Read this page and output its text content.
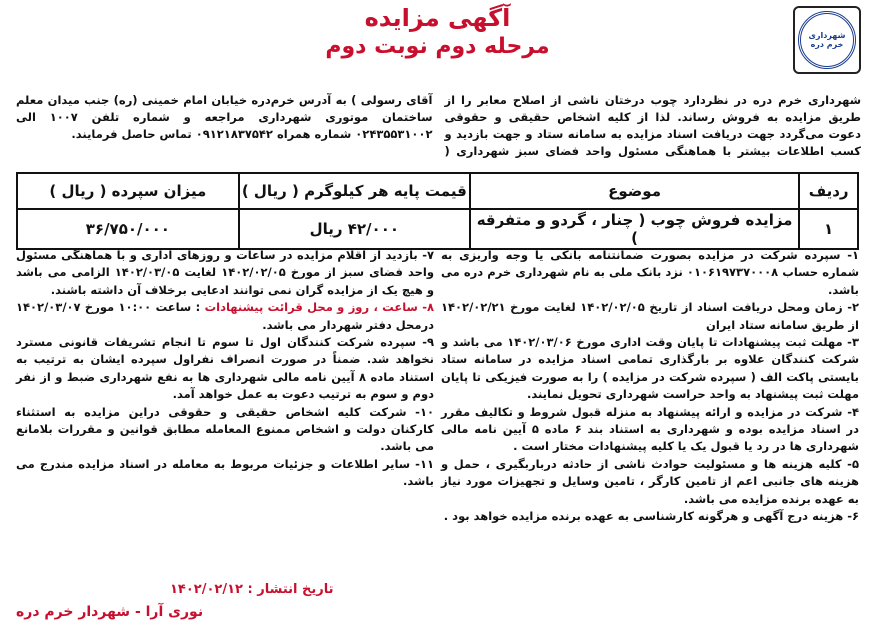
شهرداری خرم دره
آگهی مزایده
مرحله دوم نوبت دوم

شهرداری خرم دره در نظردارد چوب درختان ناشی از اصلاح معابر را از طریق مزایده به فروش رساند. لذا از کلیه اشخاص حقیقی و حقوقی دعوت می‌گردد جهت دریافت اسناد مزایده به سامانه ستاد و جهت بازدید و کسب اطلاعات بیشتر با هماهنگی مسئول واحد فضای سبز شهرداری ( آقای رسولی ) به آدرس خرم‌دره خیابان امام خمینی (ره) جنب میدان معلم ساختمان موتوری شهرداری مراجعه و شماره تلفن ۱۰۰۷ الی ۰۲۴۳۵۵۳۱۰۰۲ شماره همراه ۰۹۱۲۱۸۳۷۵۴۲ تماس حاصل فرمایند.

ردیف	موضوع	قیمت پایه هر کیلوگرم ( ریال )	میزان سپرده ( ریال )
۱	مزایده فروش چوب ( چنار ، گردو و متفرقه )	۴۲/۰۰۰ ریال	۳۶/۷۵۰/۰۰۰

۱- سپرده شرکت در مزایده بصورت ضمانتنامه بانکی یا وجه واریزی به شماره حساب ۰۱۰۶۱۹۷۳۷۰۰۰۸ نزد بانک ملی به نام شهرداری خرم دره می باشد.

۲- زمان ومحل دریافت اسناد از تاریخ ۱۴۰۲/۰۲/۰۵ لغایت مورخ ۱۴۰۲/۰۲/۲۱ از طریق سامانه ستاد ایران

۳- مهلت ثبت پیشنهادات تا پایان وقت اداری مورخ ۱۴۰۲/۰۳/۰۶ می باشد و شرکت کنندگان علاوه بر بارگذاری تمامی اسناد مزایده در سامانه ستاد بایستی پاکت الف ( سپرده شرکت در مزایده ) را به صورت فیزیکی تا پایان مهلت ثبت پیشنهاد به واحد حراست شهرداری تحویل نمایند.

۴- شرکت در مزایده و ارائه پیشنهاد به منزله قبول شروط و تکالیف مقرر در اسناد مزایده بوده و شهرداری به استناد بند ۶ ماده ۵ آیین نامه مالی شهرداری ها در رد یا قبول یک یا کلیه پیشنهادات مختار است .

۵- کلیه هزینه ها و مسئولیت حوادث ناشی از حادثه درباربگیری ، حمل و هزینه های جانبی اعم از تامین کارگر ، تامین وسایل و تجهیزات مورد نیاز به عهده برنده مزایده می باشد.

۶- هزینه درج آگهی و هرگونه کارشناسی به عهده برنده مزایده خواهد بود .

۷- بازدید از اقلام مزایده در ساعات و روزهای اداری و با هماهنگی مسئول واحد فضای سبز از مورخ ۱۴۰۲/۰۲/۰۵ لغایت ۱۴۰۲/۰۳/۰۵ الزامی می باشد و هیچ یک از مزایده گران نمی توانند ادعایی برخلاف آن داشته باشند.

۸- ساعت ، روز و محل قرائت پیشنهادات : ساعت ۱۰:۰۰ مورخ ۱۴۰۲/۰۳/۰۷ درمحل دفتر شهردار می باشد.

۹- سپرده شرکت کنندگان اول تا سوم تا انجام تشریفات قانونی مسترد نخواهد شد. ضمناً در صورت انصراف نفراول سپرده ایشان به ترتیب به استناد ماده ۸ آیین نامه مالی شهرداری ها به نفع شهرداری ضبط و از نفر دوم و سوم به ترتیب دعوت به عمل خواهد آمد.

۱۰- شرکت کلیه اشخاص حقیقی و حقوقی دراین مزایده به استثناء کارکنان دولت و اشخاص ممنوع المعامله مطابق قوانین و مقررات بلامانع می باشد.

۱۱- سایر اطلاعات و جزئیات مربوط به معامله در اسناد مزایده مندرج می باشد.

تاریخ انتشار : ۱۴۰۲/۰۲/۱۲
نوری آرا - شهردار خرم دره
